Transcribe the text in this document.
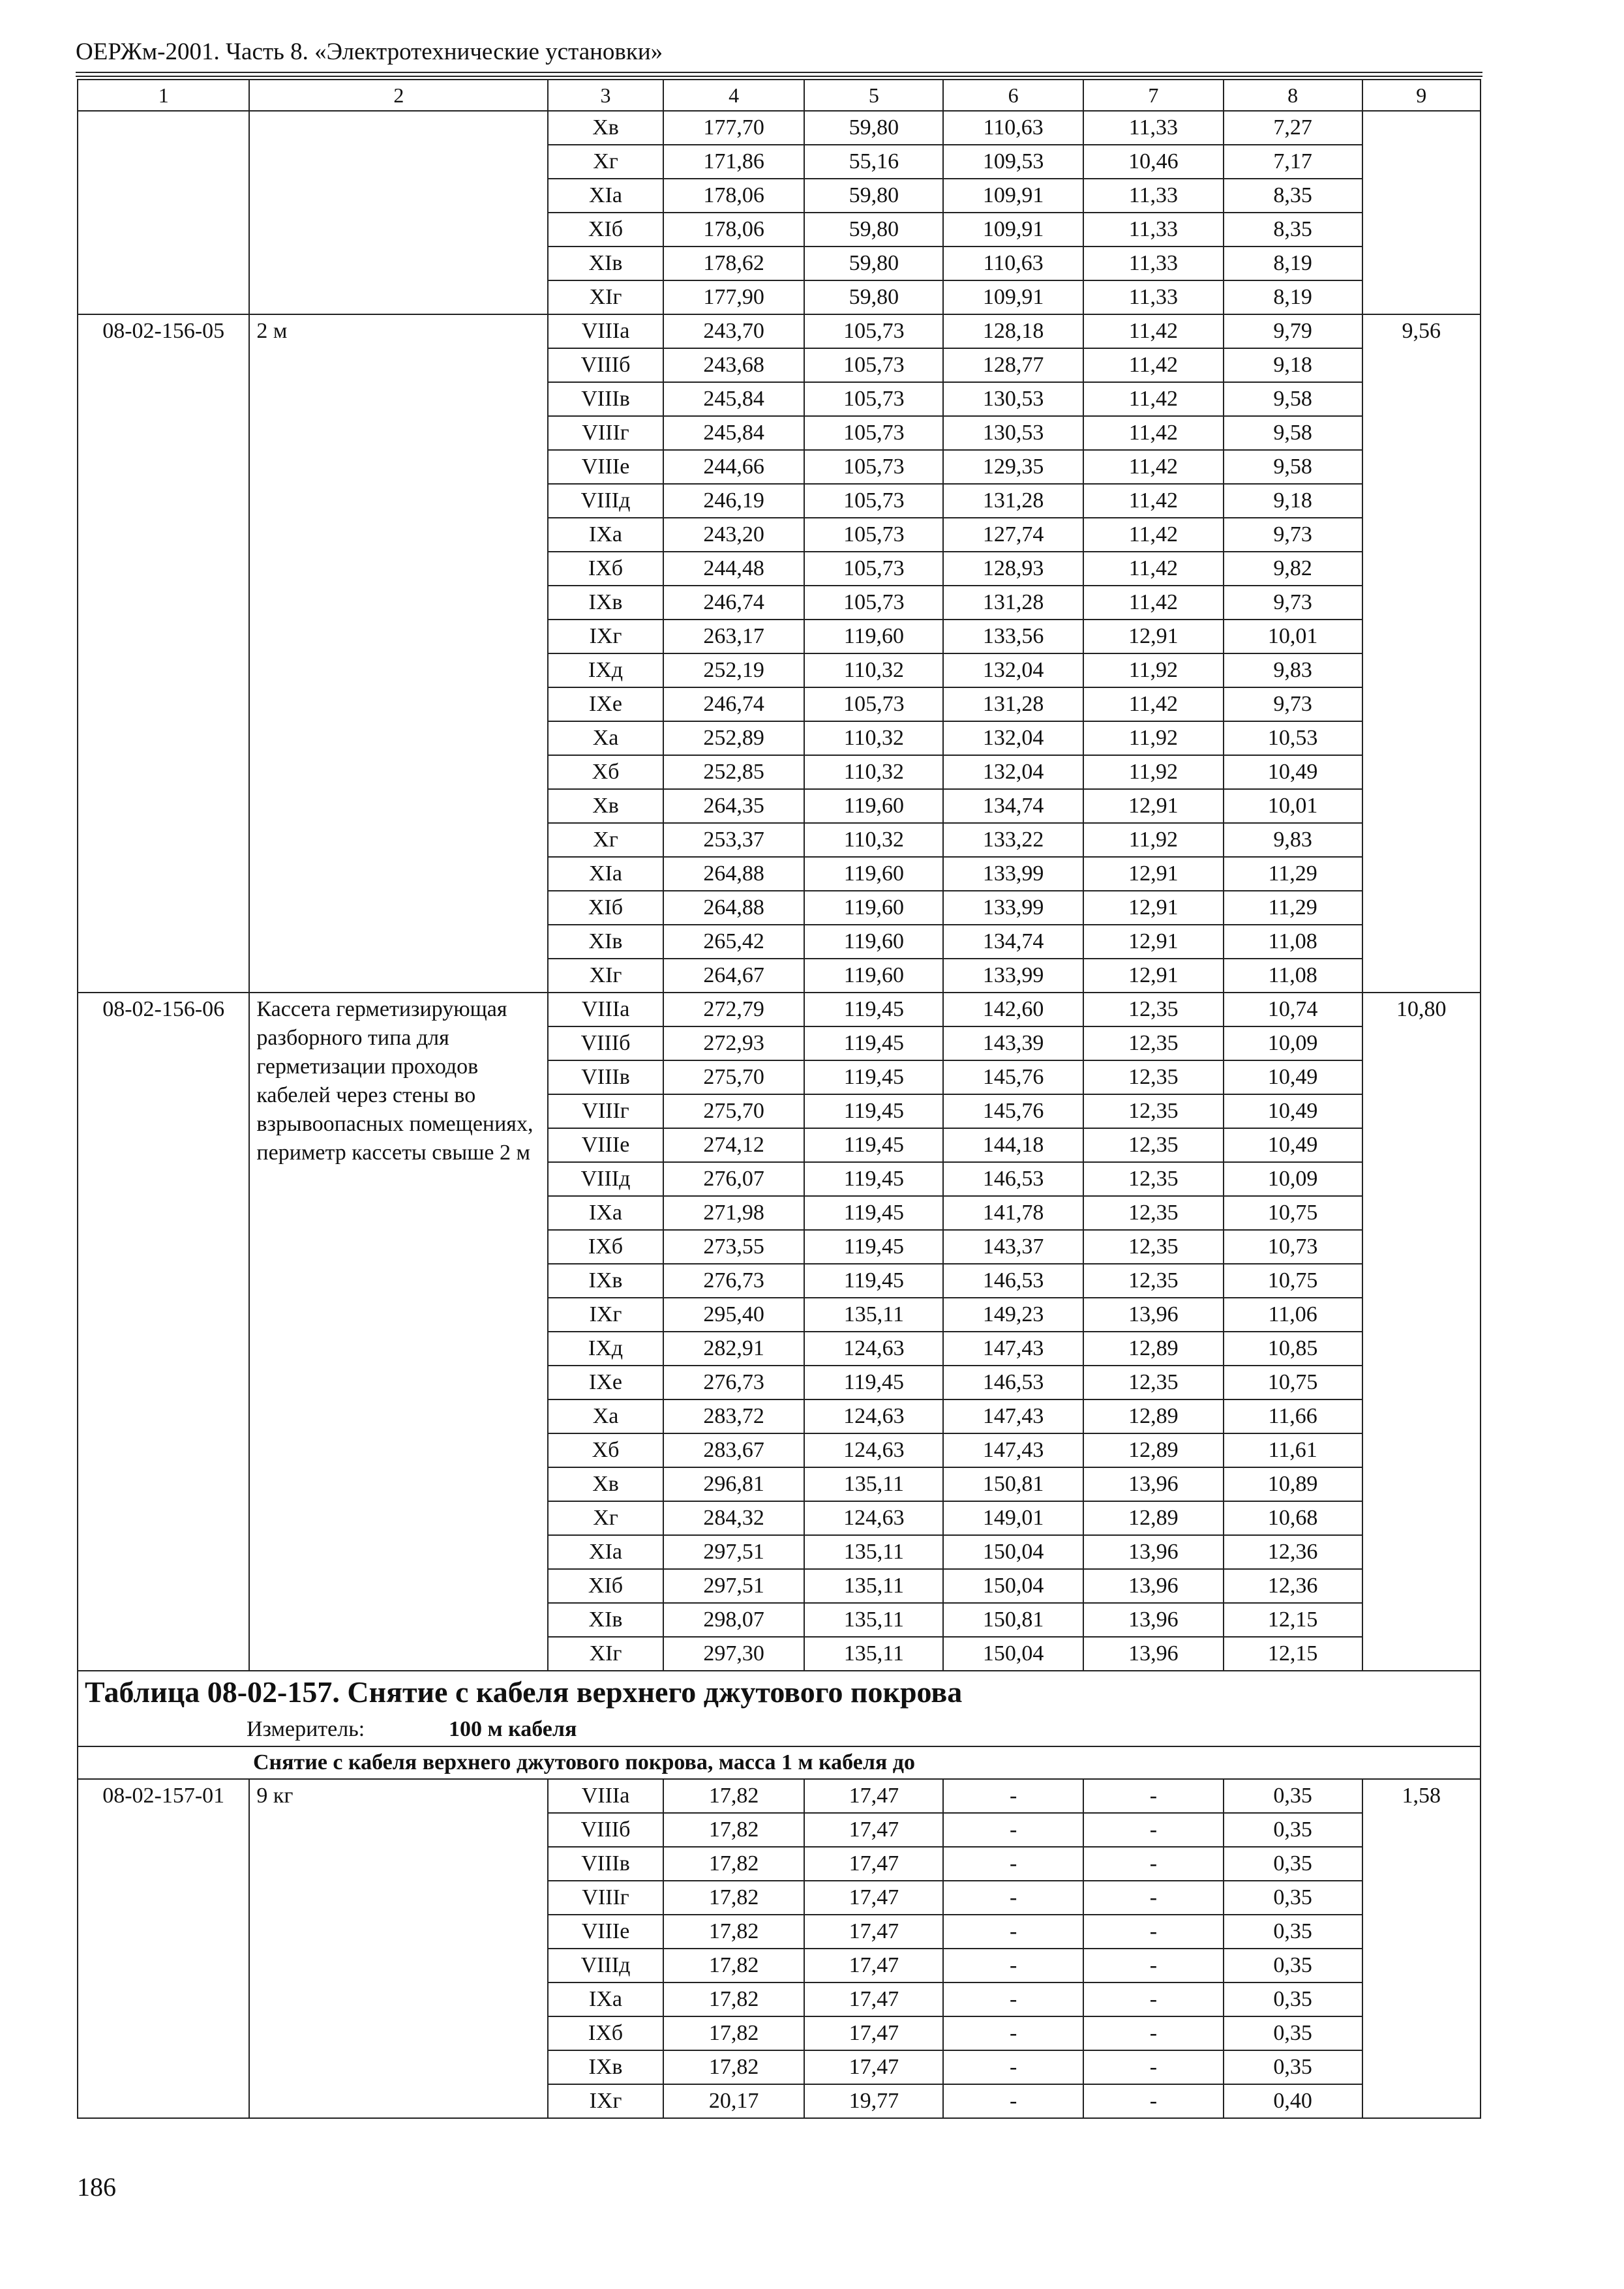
ОЕРЖм-2001. Часть 8. «Электротехнические установки»
1	2	3	4	5	6	7	8	9
		Xв	177,70	59,80	110,63	11,33	7,27	
		Xг	171,86	55,16	109,53	10,46	7,17	
		XIа	178,06	59,80	109,91	11,33	8,35	
		XIб	178,06	59,80	109,91	11,33	8,35	
		XIв	178,62	59,80	110,63	11,33	8,19	
		XIг	177,90	59,80	109,91	11,33	8,19	
08-02-156-05	2 м	VIIIа	243,70	105,73	128,18	11,42	9,79	9,56
		VIIIб	243,68	105,73	128,77	11,42	9,18	
		VIIIв	245,84	105,73	130,53	11,42	9,58	
		VIIIг	245,84	105,73	130,53	11,42	9,58	
		VIIIе	244,66	105,73	129,35	11,42	9,58	
		VIIIд	246,19	105,73	131,28	11,42	9,18	
		IXа	243,20	105,73	127,74	11,42	9,73	
		IXб	244,48	105,73	128,93	11,42	9,82	
		IXв	246,74	105,73	131,28	11,42	9,73	
		IXг	263,17	119,60	133,56	12,91	10,01	
		IXд	252,19	110,32	132,04	11,92	9,83	
		IXе	246,74	105,73	131,28	11,42	9,73	
		Xа	252,89	110,32	132,04	11,92	10,53	
		Xб	252,85	110,32	132,04	11,92	10,49	
		Xв	264,35	119,60	134,74	12,91	10,01	
		Xг	253,37	110,32	133,22	11,92	9,83	
		XIа	264,88	119,60	133,99	12,91	11,29	
		XIб	264,88	119,60	133,99	12,91	11,29	
		XIв	265,42	119,60	134,74	12,91	11,08	
		XIг	264,67	119,60	133,99	12,91	11,08	
08-02-156-06	Кассета герметизирующая разборного типа для герметизации проходов кабелей через стены во взрывоопасных помещениях, периметр кассеты свыше 2 м	VIIIа	272,79	119,45	142,60	12,35	10,74	10,80
		VIIIб	272,93	119,45	143,39	12,35	10,09	
		VIIIв	275,70	119,45	145,76	12,35	10,49	
		VIIIг	275,70	119,45	145,76	12,35	10,49	
		VIIIе	274,12	119,45	144,18	12,35	10,49	
		VIIIд	276,07	119,45	146,53	12,35	10,09	
		IXа	271,98	119,45	141,78	12,35	10,75	
		IXб	273,55	119,45	143,37	12,35	10,73	
		IXв	276,73	119,45	146,53	12,35	10,75	
		IXг	295,40	135,11	149,23	13,96	11,06	
		IXд	282,91	124,63	147,43	12,89	10,85	
		IXе	276,73	119,45	146,53	12,35	10,75	
		Xа	283,72	124,63	147,43	12,89	11,66	
		Xб	283,67	124,63	147,43	12,89	11,61	
		Xв	296,81	135,11	150,81	13,96	10,89	
		Xг	284,32	124,63	149,01	12,89	10,68	
		XIа	297,51	135,11	150,04	13,96	12,36	
		XIб	297,51	135,11	150,04	13,96	12,36	
		XIв	298,07	135,11	150,81	13,96	12,15	
		XIг	297,30	135,11	150,04	13,96	12,15	
Таблица 08-02-157. Снятие с кабеля верхнего джутового покрова								
Измеритель: 100 м кабеля								
Снятие с кабеля верхнего джутового покрова, масса 1 м кабеля до								
08-02-157-01	9 кг	VIIIа	17,82	17,47	-	-	0,35	1,58
		VIIIб	17,82	17,47	-	-	0,35	
		VIIIв	17,82	17,47	-	-	0,35	
		VIIIг	17,82	17,47	-	-	0,35	
		VIIIе	17,82	17,47	-	-	0,35	
		VIIIд	17,82	17,47	-	-	0,35	
		IXа	17,82	17,47	-	-	0,35	
		IXб	17,82	17,47	-	-	0,35	
		IXв	17,82	17,47	-	-	0,35	
		IXг	20,17	19,77	-	-	0,40	
186
